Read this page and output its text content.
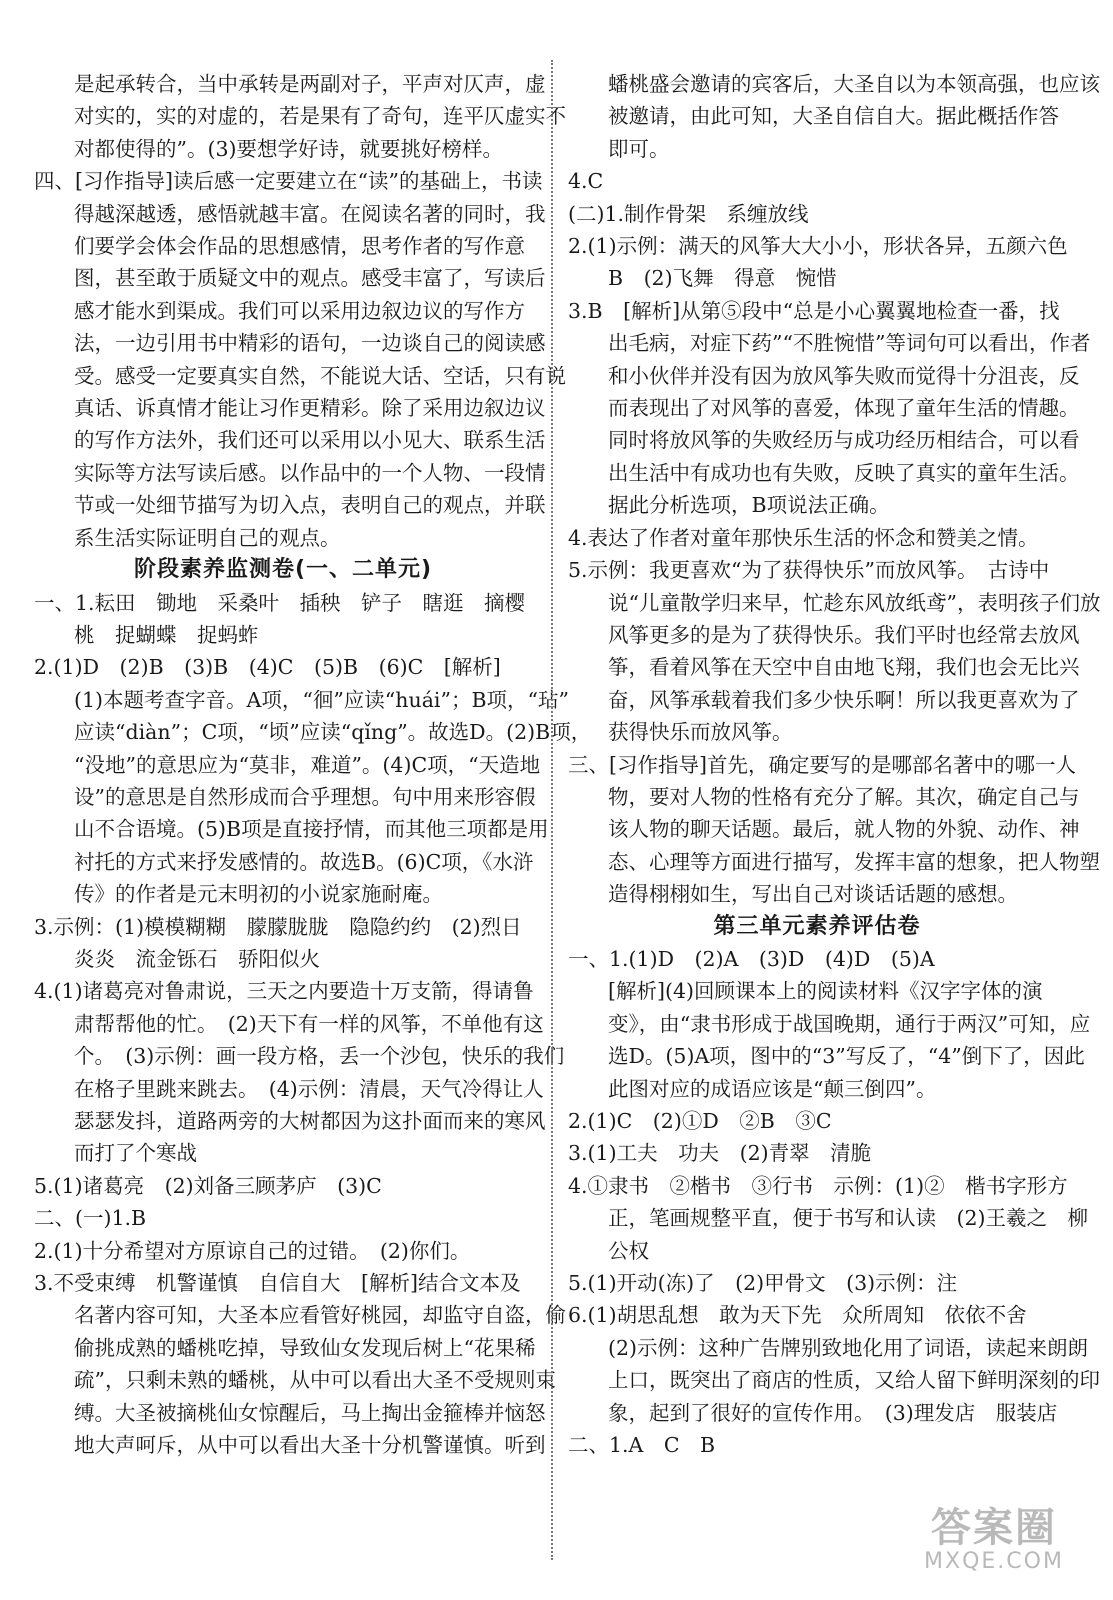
是起承转合，当中承转是两副对子，平声对仄声，虚
对实的，实的对虚的，若是果有了奇句，连平仄虚实不
对都使得的”。(3)要想学好诗，就要挑好榜样。
四、[习作指导]读后感一定要建立在“读”的基础上，书读
得越深越透，感悟就越丰富。在阅读名著的同时，我
们要学会体会作品的思想感情，思考作者的写作意
图，甚至敢于质疑文中的观点。感受丰富了，写读后
感才能水到渠成。我们可以采用边叙边议的写作方
法，一边引用书中精彩的语句，一边谈自己的阅读感
受。感受一定要真实自然，不能说大话、空话，只有说
真话、诉真情才能让习作更精彩。除了采用边叙边议
的写作方法外，我们还可以采用以小见大、联系生活
实际等方法写读后感。以作品中的一个人物、一段情
节或一处细节描写为切入点，表明自己的观点，并联
系生活实际证明自己的观点。
阶段素养监测卷(一、二单元)
一、1.耘田　锄地　采桑叶　插秧　铲子　瞎逛　摘樱
桃　捉蝴蝶　捉蚂蚱
2.(1)D　(2)B　(3)B　(4)C　(5)B　(6)C　[解析]
(1)本题考查字音。A项，“徊”应读“huái”；B项，“玷”
应读“diàn”；C项，“顷”应读“qǐng”。故选D。(2)B项，
“没地”的意思应为“莫非，难道”。(4)C项，“天造地
设”的意思是自然形成而合乎理想。句中用来形容假
山不合语境。(5)B项是直接抒情，而其他三项都是用
衬托的方式来抒发感情的。故选B。(6)C项，《水浒
传》的作者是元末明初的小说家施耐庵。
3.示例：(1)模模糊糊　朦朦胧胧　隐隐约约　(2)烈日
炎炎　流金铄石　骄阳似火
4.(1)诸葛亮对鲁肃说，三天之内要造十万支箭，得请鲁
肃帮帮他的忙。　(2)天下有一样的风筝，不单他有这
个。　(3)示例：画一段方格，丢一个沙包，快乐的我们
在格子里跳来跳去。　(4)示例：清晨，天气冷得让人
瑟瑟发抖，道路两旁的大树都因为这扑面而来的寒风
而打了个寒战
5.(1)诸葛亮　(2)刘备三顾茅庐　(3)C
二、(一)1.B
2.(1)十分希望对方原谅自己的过错。　(2)你们。
3.不受束缚　机警谨慎　自信自大　[解析]结合文本及
名著内容可知，大圣本应看管好桃园，却监守自盗，偷
偷挑成熟的蟠桃吃掉，导致仙女发现后树上“花果稀
疏”，只剩未熟的蟠桃，从中可以看出大圣不受规则束
缚。大圣被摘桃仙女惊醒后，马上掏出金箍棒并恼怒
地大声呵斥，从中可以看出大圣十分机警谨慎。听到
蟠桃盛会邀请的宾客后，大圣自以为本领高强，也应该
被邀请，由此可知，大圣自信自大。据此概括作答
即可。
4.C
(二)1.制作骨架　系缠放线
2.(1)示例：满天的风筝大大小小，形状各异，五颜六色
B　(2)飞舞　得意　惋惜
3.B　[解析]从第⑤段中“总是小心翼翼地检查一番，找
出毛病，对症下药”“不胜惋惜”等词句可以看出，作者
和小伙伴并没有因为放风筝失败而觉得十分沮丧，反
而表现出了对风筝的喜爱，体现了童年生活的情趣。
同时将放风筝的失败经历与成功经历相结合，可以看
出生活中有成功也有失败，反映了真实的童年生活。
据此分析选项，B项说法正确。
4.表达了作者对童年那快乐生活的怀念和赞美之情。
5.示例：我更喜欢“为了获得快乐”而放风筝。　古诗中
说“儿童散学归来早，忙趁东风放纸鸢”，表明孩子们放
风筝更多的是为了获得快乐。我们平时也经常去放风
筝，看着风筝在天空中自由地飞翔，我们也会无比兴
奋，风筝承载着我们多少快乐啊！所以我更喜欢为了
获得快乐而放风筝。
三、[习作指导]首先，确定要写的是哪部名著中的哪一人
物，要对人物的性格有充分了解。其次，确定自己与
该人物的聊天话题。最后，就人物的外貌、动作、神
态、心理等方面进行描写，发挥丰富的想象，把人物塑
造得栩栩如生，写出自己对谈话话题的感想。
第三单元素养评估卷
一、1.(1)D　(2)A　(3)D　(4)D　(5)A
[解析](4)回顾课本上的阅读材料《汉字字体的演
变》，由“隶书形成于战国晚期，通行于两汉”可知，应
选D。(5)A项，图中的“3”写反了，“4”倒下了，因此
此图对应的成语应该是“颠三倒四”。
2.(1)C　(2)①D　②B　③C
3.(1)工夫　功夫　(2)青翠　清脆
4.①隶书　②楷书　③行书　示例：(1)②　楷书字形方
正，笔画规整平直，便于书写和认读　(2)王羲之　柳
公权
5.(1)开动(冻)了　(2)甲骨文　(3)示例：注
6.(1)胡思乱想　敢为天下先　众所周知　依依不舍
(2)示例：这种广告牌别致地化用了词语，读起来朗朗
上口，既突出了商店的性质，又给人留下鲜明深刻的印
象，起到了很好的宣传作用。　(3)理发店　服装店
二、1.A　C　B
答案圈
MXQE.COM
